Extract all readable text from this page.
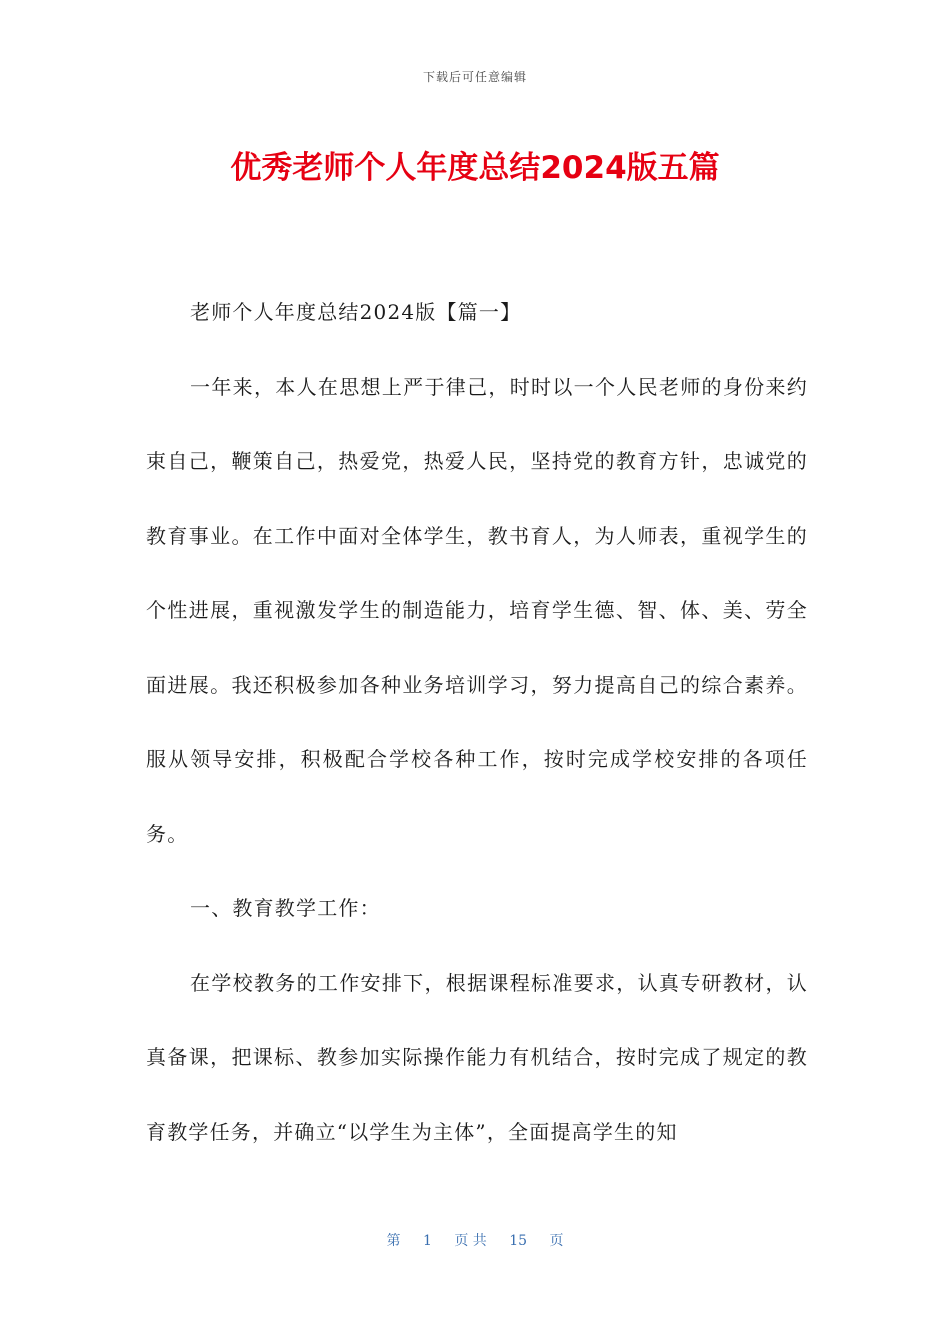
下载后可任意编辑
优秀老师个人年度总结2024版五篇

老师个人年度总结2024版【篇一】

一年来，本人在思想上严于律己，时时以一个人民老师的身份来约束自己，鞭策自己，热爱党，热爱人民，坚持党的教育方针，忠诚党的教育事业。在工作中面对全体学生，教书育人，为人师表，重视学生的个性进展，重视激发学生的制造能力，培育学生德、智、体、美、劳全面进展。我还积极参加各种业务培训学习，努力提高自己的综合素养。服从领导安排，积极配合学校各种工作，按时完成学校安排的各项任务。

一、教育教学工作：

在学校教务的工作安排下，根据课程标准要求，认真专研教材，认真备课，把课标、教参加实际操作能力有机结合，按时完成了规定的教育教学任务，并确立“以学生为主体”，全面提高学生的知

第 1 页 共 15 页
